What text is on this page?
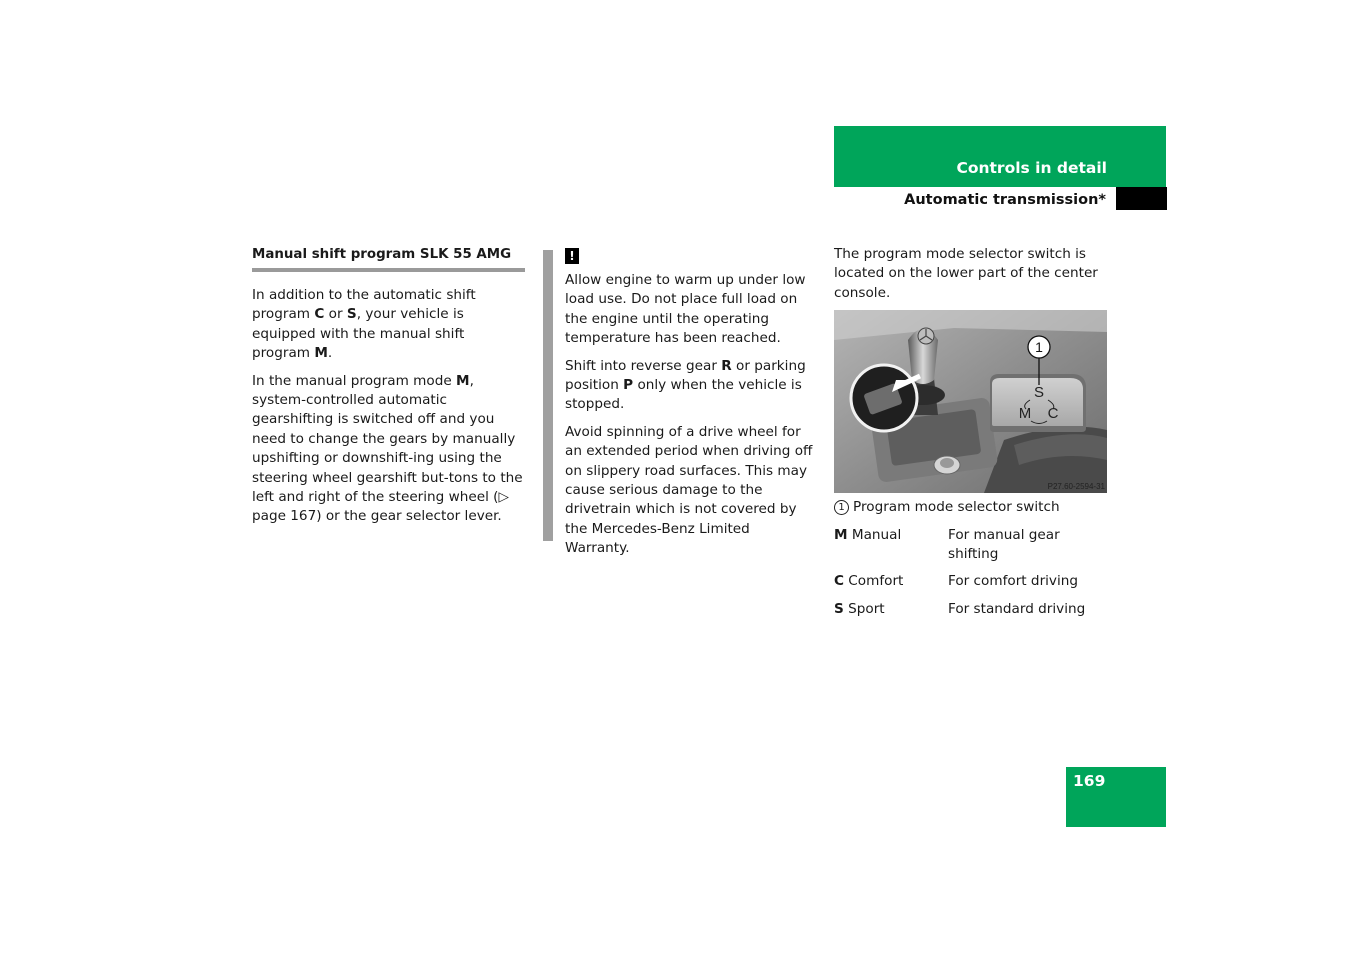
Controls in detail
Automatic transmission*
Manual shift program SLK 55 AMG

In addition to the automatic shift program C or S, your vehicle is equipped with the manual shift program M.

In the manual program mode M,
system-controlled automatic gearshifting is switched off and you need to change the gears by manually upshifting or downshift-ing using the steering wheel gearshift but-tons to the left and right of the steering wheel (▷ page 167) or the gear selector lever.

!

Allow engine to warm up under low load use. Do not place full load on the engine until the operating temperature has been reached.

Shift into reverse gear R or parking position P only when the vehicle is stopped.

Avoid spinning of a drive wheel for an extended period when driving off on slippery road surfaces. This may cause serious damage to the drivetrain which is not covered by the Mercedes-Benz Limited Warranty.

The program mode selector switch is located on the lower part of the center console.

1
S
M C
P27.60-2594-31

1 Program mode selector switch

M Manual	For manual gear shifting
C Comfort	For comfort driving
S Sport	For standard driving
169
